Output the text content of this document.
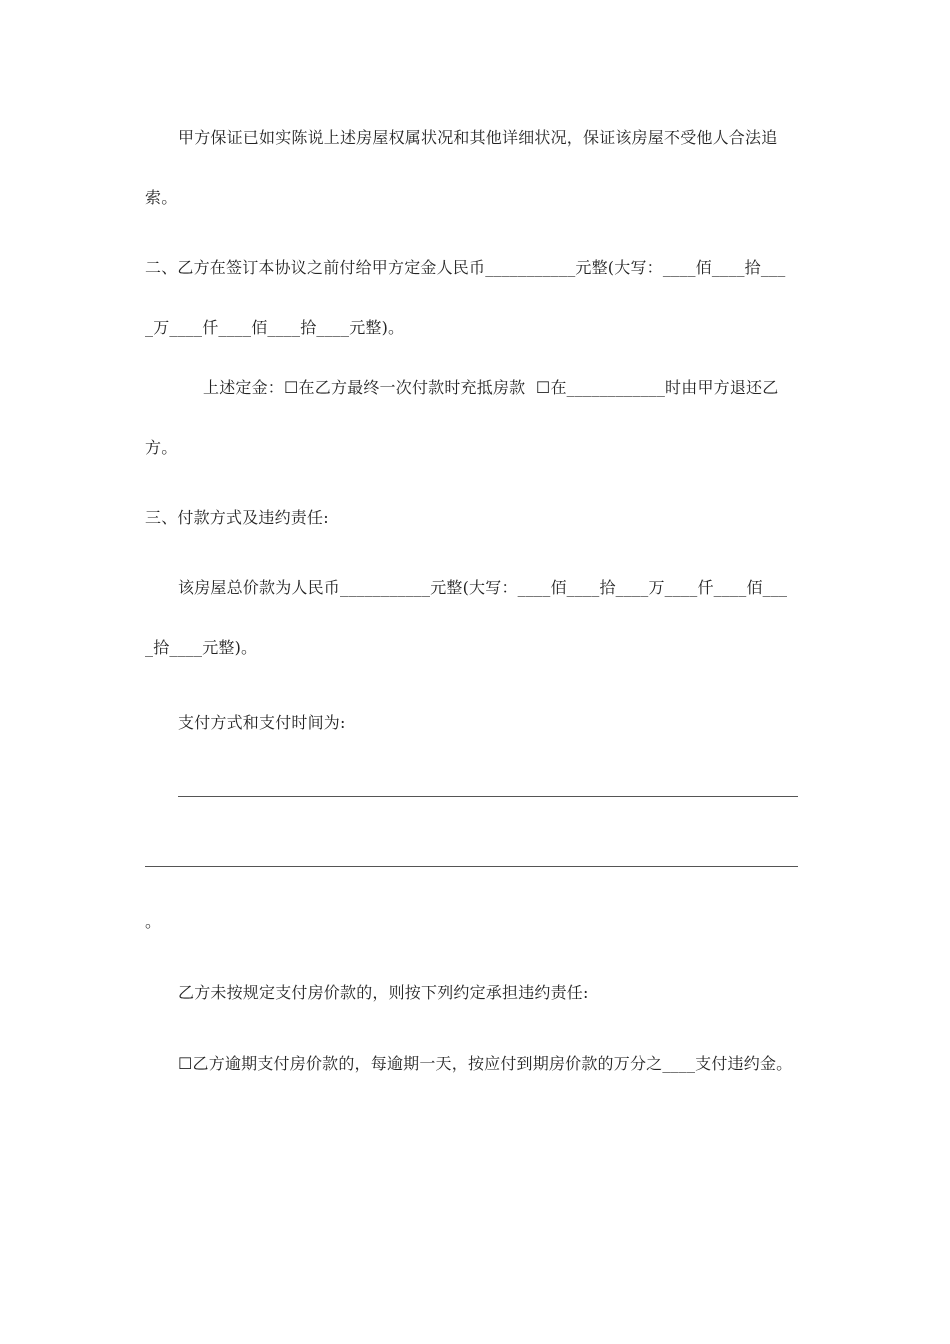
甲方保证已如实陈说上述房屋权属状况和其他详细状况，保证该房屋不受他人合法追
索。
二、乙方在签订本协议之前付给甲方定金人民币___________元整(大写：____佰____拾___
_万____仟____佰____拾____元整)。
上述定金：☐在乙方最终一次付款时充抵房款  ☐在____________时由甲方退还乙
方。
三、付款方式及违约责任:
该房屋总价款为人民币___________元整(大写：____佰____拾____万____仟____佰___
_拾____元整)。
支付方式和支付时间为:
。
乙方未按规定支付房价款的，则按下列约定承担违约责任:
☐乙方逾期支付房价款的，每逾期一天，按应付到期房价款的万分之____支付违约金。
